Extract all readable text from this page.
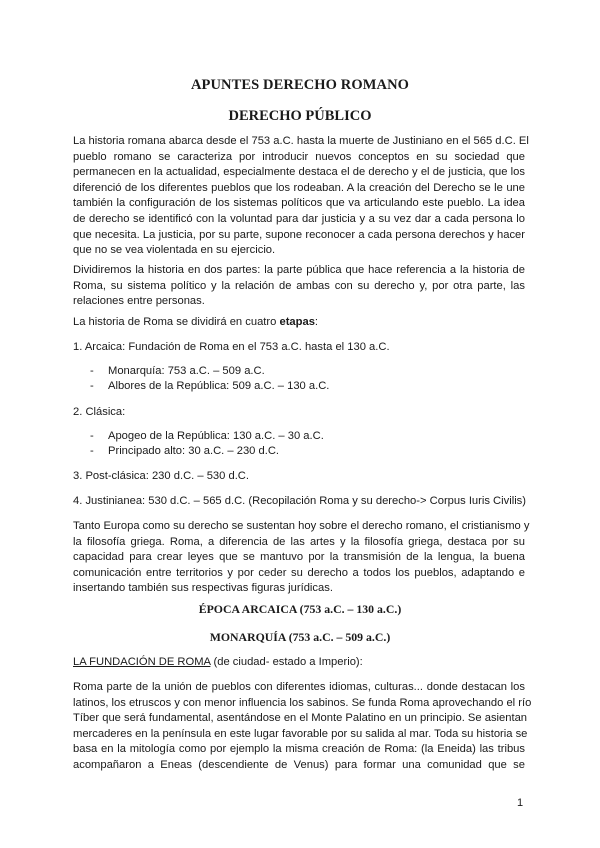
APUNTES DERECHO ROMANO
DERECHO PÚBLICO
La historia romana abarca desde el 753 a.C. hasta la muerte de Justiniano en el 565 d.C. El
pueblo romano se caracteriza por introducir nuevos conceptos en su sociedad que
permanecen en la actualidad, especialmente destaca el de derecho y el de justicia, que los
diferenció de los diferentes pueblos que los rodeaban. A la creación del Derecho se le une
también la configuración de los sistemas políticos que va articulando este pueblo. La idea
de derecho se identificó con la voluntad para dar justicia y a su vez dar a cada persona lo
que necesita. La justicia, por su parte, supone reconocer a cada persona derechos y hacer
que no se vea violentada en su ejercicio.
Dividiremos la historia en dos partes: la parte pública que hace referencia a la historia de
Roma, su sistema político y la relación de ambas con su derecho y, por otra parte, las
relaciones entre personas.
La historia de Roma se dividirá en cuatro etapas:
1. Arcaica: Fundación de Roma en el 753 a.C. hasta el 130 a.C.
- Monarquía: 753 a.C. – 509 a.C.
- Albores de la República: 509 a.C. – 130 a.C.
2. Clásica:
- Apogeo de la República: 130 a.C. – 30 a.C.
- Principado alto: 30 a.C. – 230 d.C.
3. Post-clásica: 230 d.C. – 530 d.C.
4. Justinianea: 530 d.C. – 565 d.C. (Recopilación Roma y su derecho-> Corpus Iuris Civilis)
Tanto Europa como su derecho se sustentan hoy sobre el derecho romano, el cristianismo y
la filosofía griega. Roma, a diferencia de las artes y la filosofía griega, destaca por su
capacidad para crear leyes que se mantuvo por la transmisión de la lengua, la buena
comunicación entre territorios y por ceder su derecho a todos los pueblos, adaptando e
insertando también sus respectivas figuras jurídicas.
ÉPOCA ARCAICA (753 a.C. – 130 a.C.)
MONARQUÍA (753 a.C. – 509 a.C.)
LA FUNDACIÓN DE ROMA (de ciudad- estado a Imperio):
Roma parte de la unión de pueblos con diferentes idiomas, culturas... donde destacan los
latinos, los etruscos y con menor influencia los sabinos. Se funda Roma aprovechando el río
Tíber que será fundamental, asentándose en el Monte Palatino en un principio. Se asientan
mercaderes en la península en este lugar favorable por su salida al mar. Toda su historia se
basa en la mitología como por ejemplo la misma creación de Roma: (la Eneida) las tribus
acompañaron a Eneas (descendiente de Venus) para formar una comunidad que se
1
